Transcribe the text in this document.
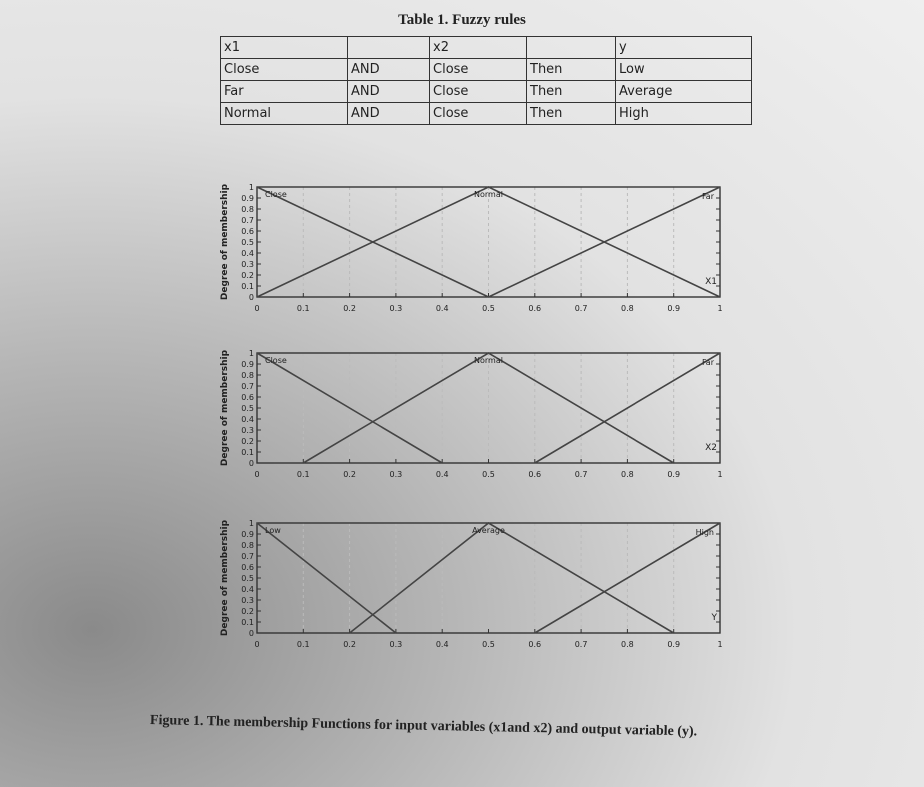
Table 1. Fuzzy rules
x1		x2		y
Close	AND	Close	Then	Low
Far	AND	Close	Then	Average
Normal	AND	Close	Then	High
0	0.1	0.2	0.3	0.4	0.5	0.6	0.7	0.8	0.9	1
0
0.1
0.2
0.3
0.4
0.5
0.6
0.7
0.8
0.9
1
Degree of membership	Close	Normal	Far
X1
0	0.1	0.2	0.3	0.4	0.5	0.6	0.7	0.8	0.9	1
0
0.1
0.2
0.3
0.4
0.5
0.6
0.7
0.8
0.9
1
Degree of membership	Close	Normal	Far
X2
0	0.1	0.2	0.3	0.4	0.5	0.6	0.7	0.8	0.9	1
0
0.1
0.2
0.3
0.4
0.5
0.6
0.7
0.8
0.9
1
Degree of membership	Low	Average	High
Y
Figure 1. The membership Functions for input variables (x1and x2) and output variable (y).
